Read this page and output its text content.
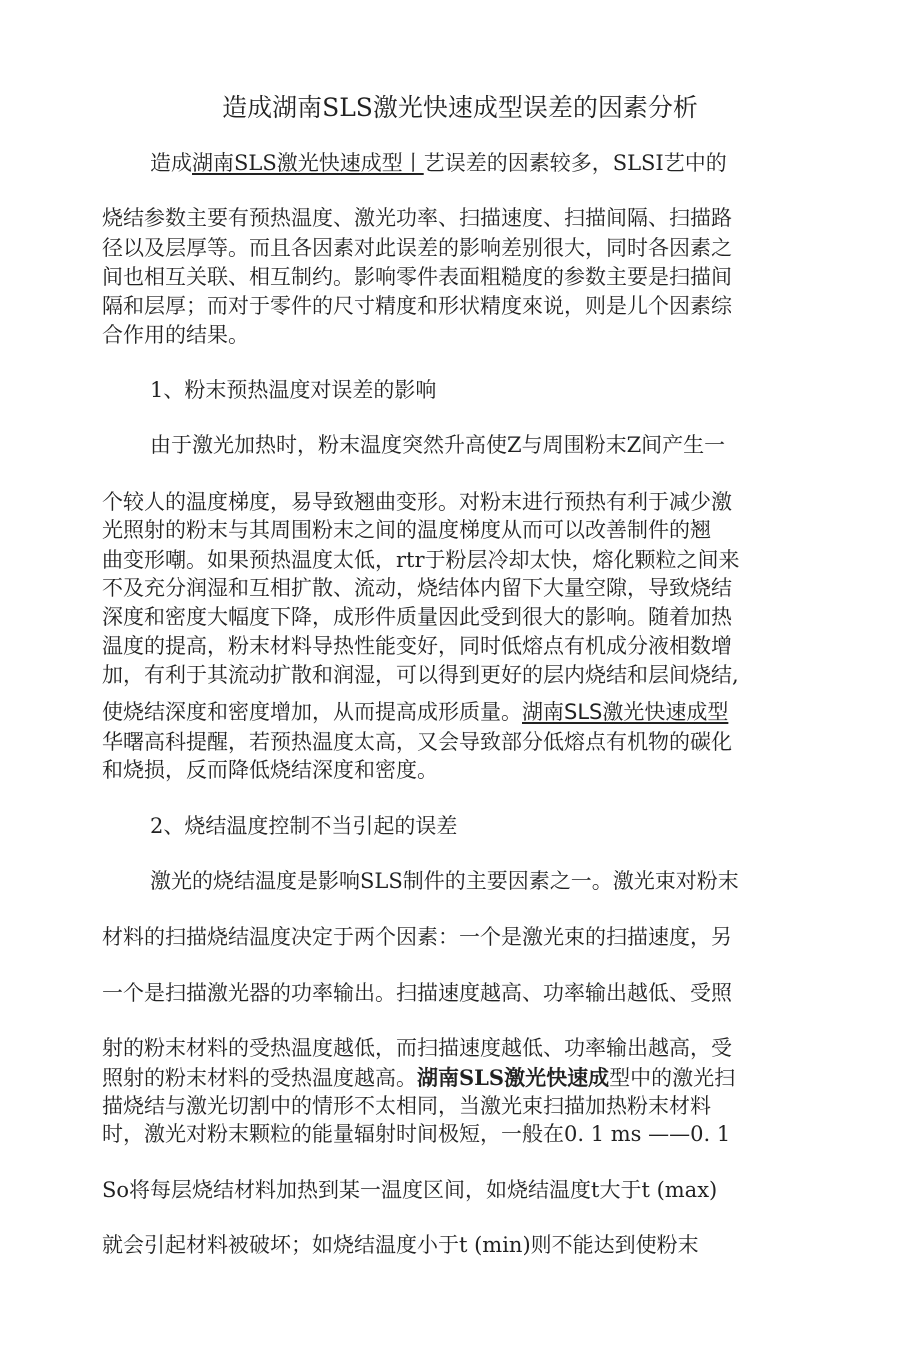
造成湖南SLS激光快速成型误差的因素分析
造成湖南SLS激光快速成型丨艺误差的因素较多，SLSI艺中的
烧结参数主要有预热温度、激光功率、扫描速度、扫描间隔、扫描路
径以及层厚等。而且各因素对此误差的影响差别很大，同时各因素之
间也相互关联、相互制约。影响零件表面粗糙度的参数主要是扫描间
隔和层厚；而对于零件的尺寸精度和形状精度來说，则是儿个因素综
合作用的结果。
1、粉末预热温度对误差的影响
由于激光加热时，粉末温度突然升高使Z与周围粉末Z间产生一
个较人的温度梯度，易导致翘曲变形。对粉末进行预热有利于减少激
光照射的粉末与其周围粉末之间的温度梯度从而可以改善制件的翘
曲变形嘲。如果预热温度太低，rtr于粉层冷却太快，熔化颗粒之间来
不及充分润湿和互相扩散、流动，烧结体内留下大量空隙，导致烧结
深度和密度大幅度下降，成形件质量因此受到很大的影响。随着加热
温度的提高，粉末材料导热性能变好，同时低熔点有机成分液相数增
加，有利于其流动扩散和润湿，可以得到更好的层内烧结和层间烧结,
使烧结深度和密度增加，从而提高成形质量。湖南SLS激光快速成型
华曙高科提醒，若预热温度太高，又会导致部分低熔点有机物的碳化
和烧损，反而降低烧结深度和密度。
2、烧结温度控制不当引起的误差
激光的烧结温度是影响SLS制件的主要因素之一。激光束对粉末
材料的扫描烧结温度决定于两个因素：一个是激光束的扫描速度，另
一个是扫描激光器的功率输出。扫描速度越高、功率输出越低、受照
射的粉末材料的受热温度越低，而扫描速度越低、功率输出越高，受
照射的粉末材料的受热温度越高。湖南SLS激光快速成型中的激光扫
描烧结与激光切割中的情形不太相同，当激光束扫描加热粉末材料
时，激光对粉末颗粒的能量辐射时间极短，一般在0. 1 ms ——0. 1
So将每层烧结材料加热到某一温度区间，如烧结温度t大于t (max)
就会引起材料被破坏；如烧结温度小于t (min)则不能达到使粉末
